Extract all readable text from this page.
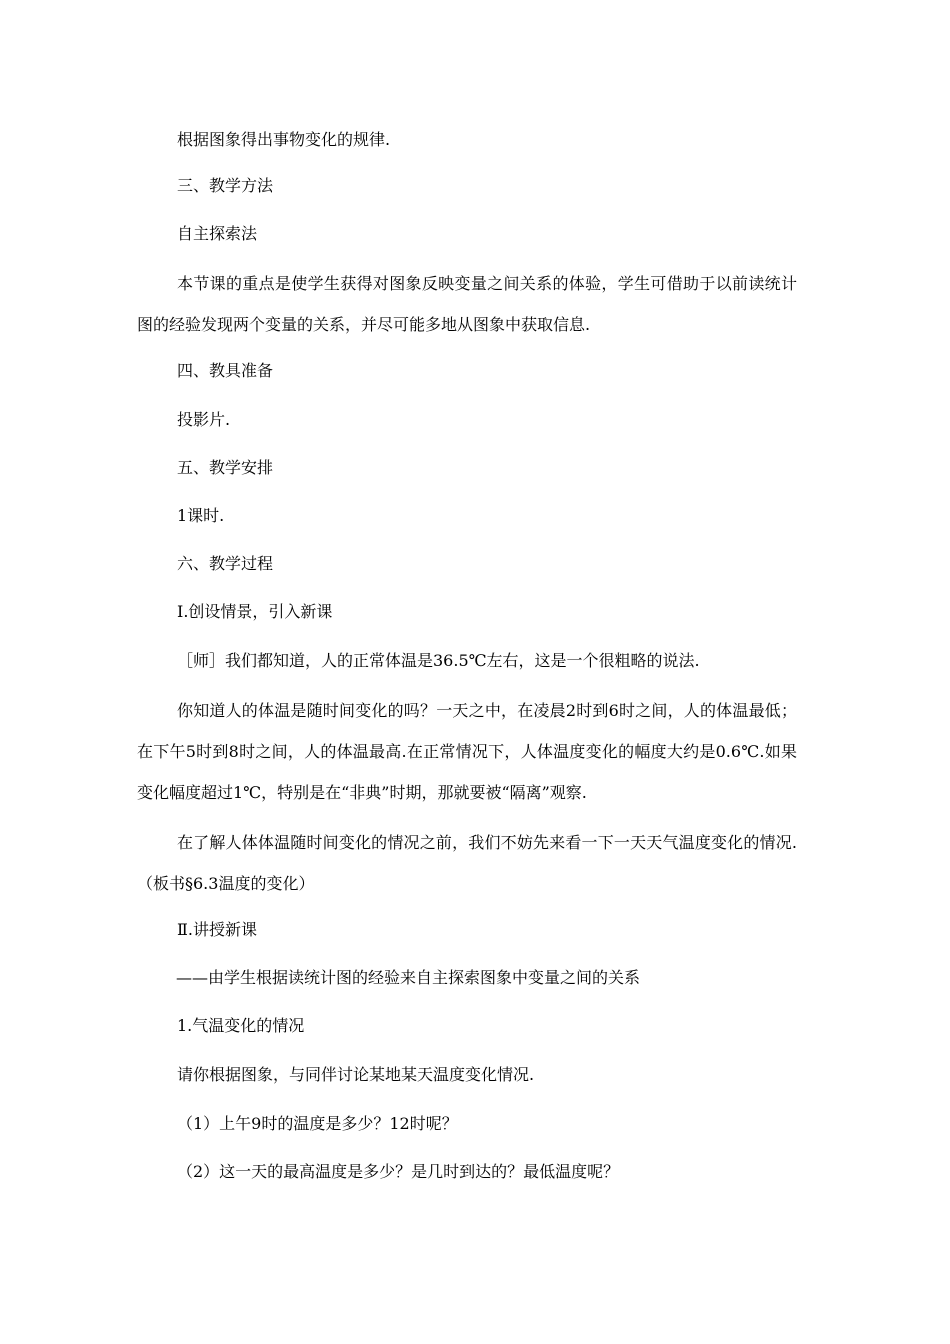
根据图象得出事物变化的规律.
三、教学方法
自主探索法
本节课的重点是使学生获得对图象反映变量之间关系的体验，学生可借助于以前读统计图的经验发现两个变量的关系，并尽可能多地从图象中获取信息.
四、教具准备
投影片.
五、教学安排
1课时.
六、教学过程
Ⅰ.创设情景，引入新课
［师］我们都知道，人的正常体温是36.5℃左右，这是一个很粗略的说法.
你知道人的体温是随时间变化的吗？一天之中，在凌晨2时到6时之间，人的体温最低；在下午5时到8时之间，人的体温最高.在正常情况下，人体温度变化的幅度大约是0.6℃.如果变化幅度超过1℃，特别是在“非典”时期，那就要被“隔离”观察.
在了解人体体温随时间变化的情况之前，我们不妨先来看一下一天天气温度变化的情况.（板书§6.3温度的变化）
Ⅱ.讲授新课
——由学生根据读统计图的经验来自主探索图象中变量之间的关系
1.气温变化的情况
请你根据图象，与同伴讨论某地某天温度变化情况.
（1）上午9时的温度是多少？12时呢？
（2）这一天的最高温度是多少？是几时到达的？最低温度呢？
